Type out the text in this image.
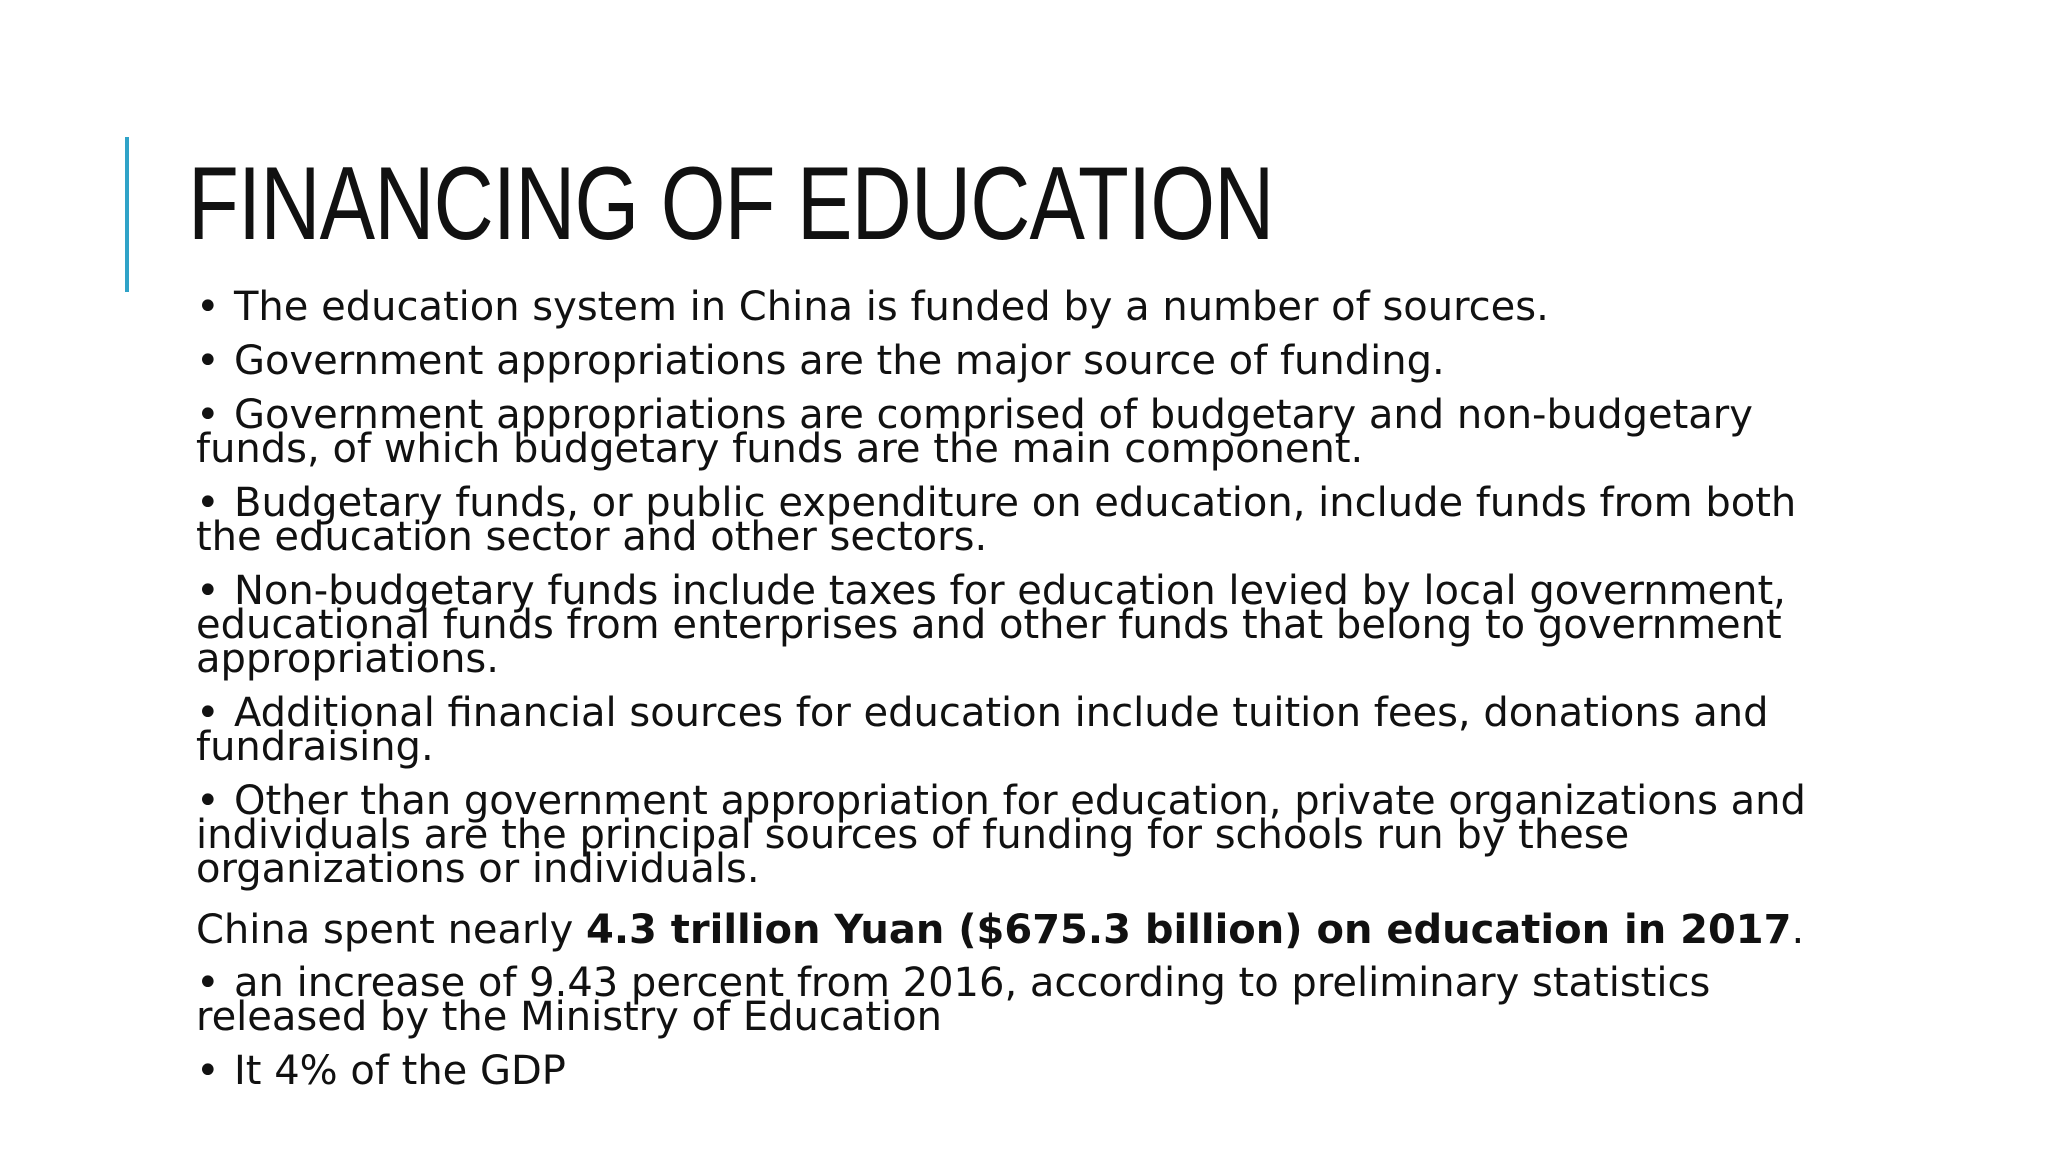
FINANCING OF EDUCATION

• The education system in China is funded by a number of sources.

• Government appropriations are the major source of funding.

• Government appropriations are comprised of budgetary and non-budgetary
funds, of which budgetary funds are the main component.

• Budgetary funds, or public expenditure on education, include funds from both
the education sector and other sectors.

• Non-budgetary funds include taxes for education levied by local government,
educational funds from enterprises and other funds that belong to government
appropriations.

• Additional financial sources for education include tuition fees, donations and
fundraising.

• Other than government appropriation for education, private organizations and
individuals are the principal sources of funding for schools run by these
organizations or individuals.

China spent nearly 4.3 trillion Yuan ($675.3 billion) on education in 2017.

• an increase of 9.43 percent from 2016, according to preliminary statistics
released by the Ministry of Education

• It 4% of the GDP
